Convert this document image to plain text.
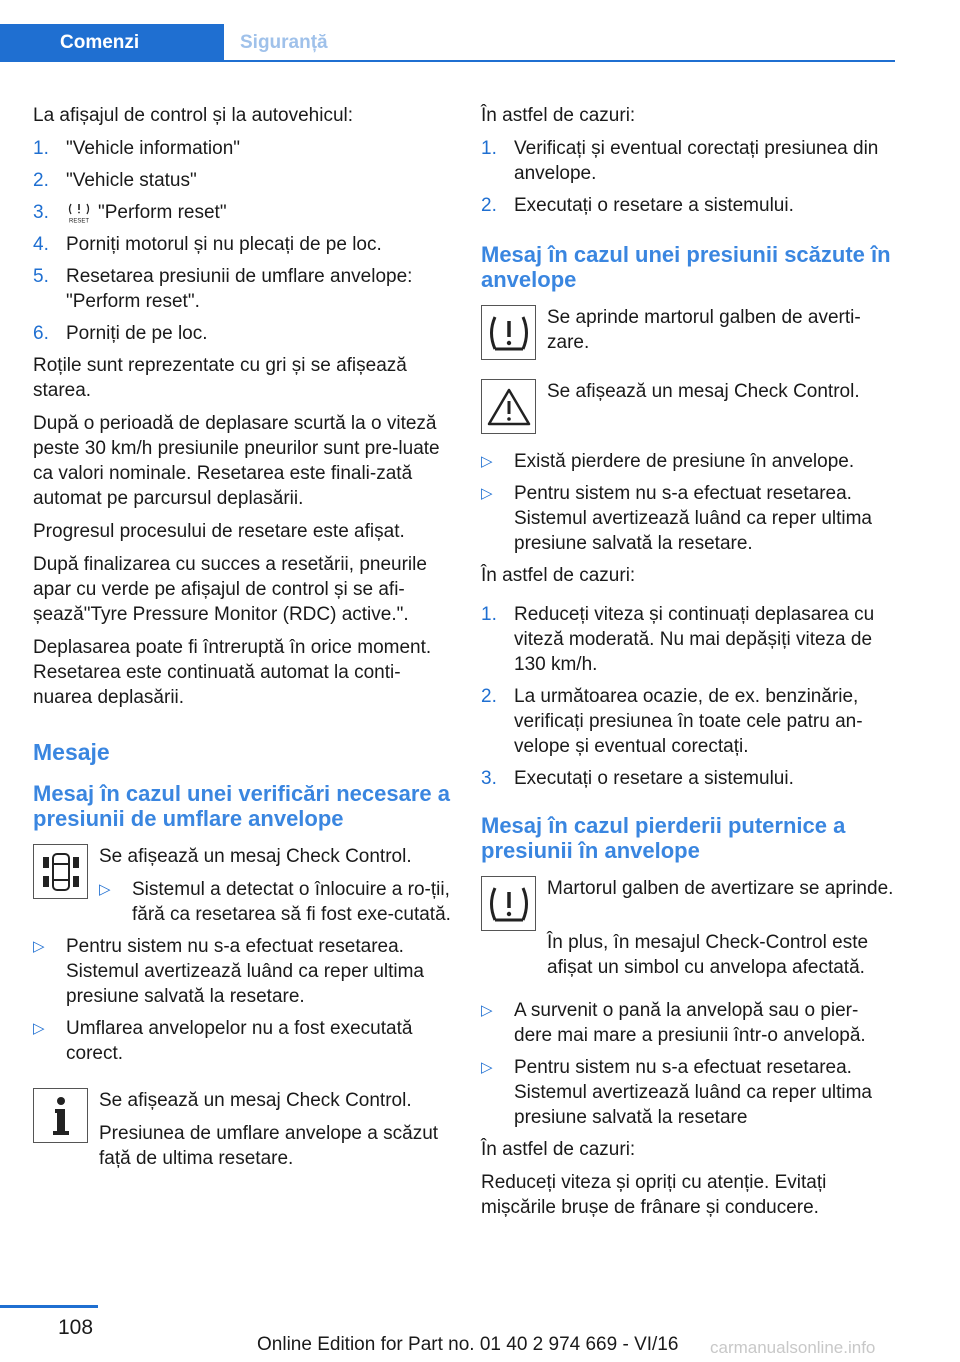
Comenzi	Siguranță

La afișajul de control și la autovehicul:

1. "Vehicle information"
2. "Vehicle status"
3.	RESET "Perform reset"
4. Porniți motorul și nu plecați de pe loc.
5. Resetarea presiunii de umflare anvelope: "Perform reset".
6. Porniți de pe loc.

Roțile sunt reprezentate cu gri și se afișează starea.

După o perioadă de deplasare scurtă la o viteză peste 30 km/h presiunile pneurilor sunt pre‐luate ca valori nominale. Resetarea este finali‐zată automat pe parcursul deplasării.

Progresul procesului de resetare este afișat.

După finalizarea cu succes a resetării, pneurile apar cu verde pe afișajul de control și se afi‐șează"Tyre Pressure Monitor (RDC) active.".

Deplasarea poate fi întreruptă în orice moment. Resetarea este continuată automat la conti‐nuarea deplasării.

Mesaje
Mesaj în cazul unei verificări necesare a presiunii de umflare anvelope

Se afișează un mesaj Check Control.

▷ Sistemul a detectat o înlocuire a ro‐ții, fără ca resetarea să fi fost exe‐cutată.
▷ Pentru sistem nu s-a efectuat resetarea. Sistemul avertizează luând ca reper ultima presiune salvată la resetare.
▷ Umflarea anvelopelor nu a fost executată corect.

Se afișează un mesaj Check Control.

Presiunea de umflare anvelope a scăzut față de ultima resetare.

În astfel de cazuri:

1. Verificați și eventual corectați presiunea din anvelope.
2. Executați o resetare a sistemului.
Mesaj în cazul unei presiunii scăzute în anvelope

Se aprinde martorul galben de averti‐zare.

Se afișează un mesaj Check Control.

▷ Există pierdere de presiune în anvelope.
▷ Pentru sistem nu s-a efectuat resetarea. Sistemul avertizează luând ca reper ultima presiune salvată la resetare.

În astfel de cazuri:

1. Reduceți viteza și continuați deplasarea cu viteză moderată. Nu mai depășiți viteza de 130 km/h.
2. La următoarea ocazie, de ex. benzinărie, verificați presiunea în toate cele patru an‐velope și eventual corectați.
3. Executați o resetare a sistemului.
Mesaj în cazul pierderii puternice a presiunii în anvelope

Martorul galben de avertizare se aprinde.

În plus, în mesajul Check-Control este afișat un simbol cu anvelopa afectată.

▷ A survenit o pană la anvelopă sau o pier‐dere mai mare a presiunii într-o anvelopă.
▷ Pentru sistem nu s-a efectuat resetarea. Sistemul avertizează luând ca reper ultima presiune salvată la resetare

În astfel de cazuri:

Reduceți viteza și opriți cu atenție. Evitați mișcările brușe de frânare și conducere.

108
Online Edition for Part no. 01 40 2 974 669 - VI/16 carmanualsonline.info
